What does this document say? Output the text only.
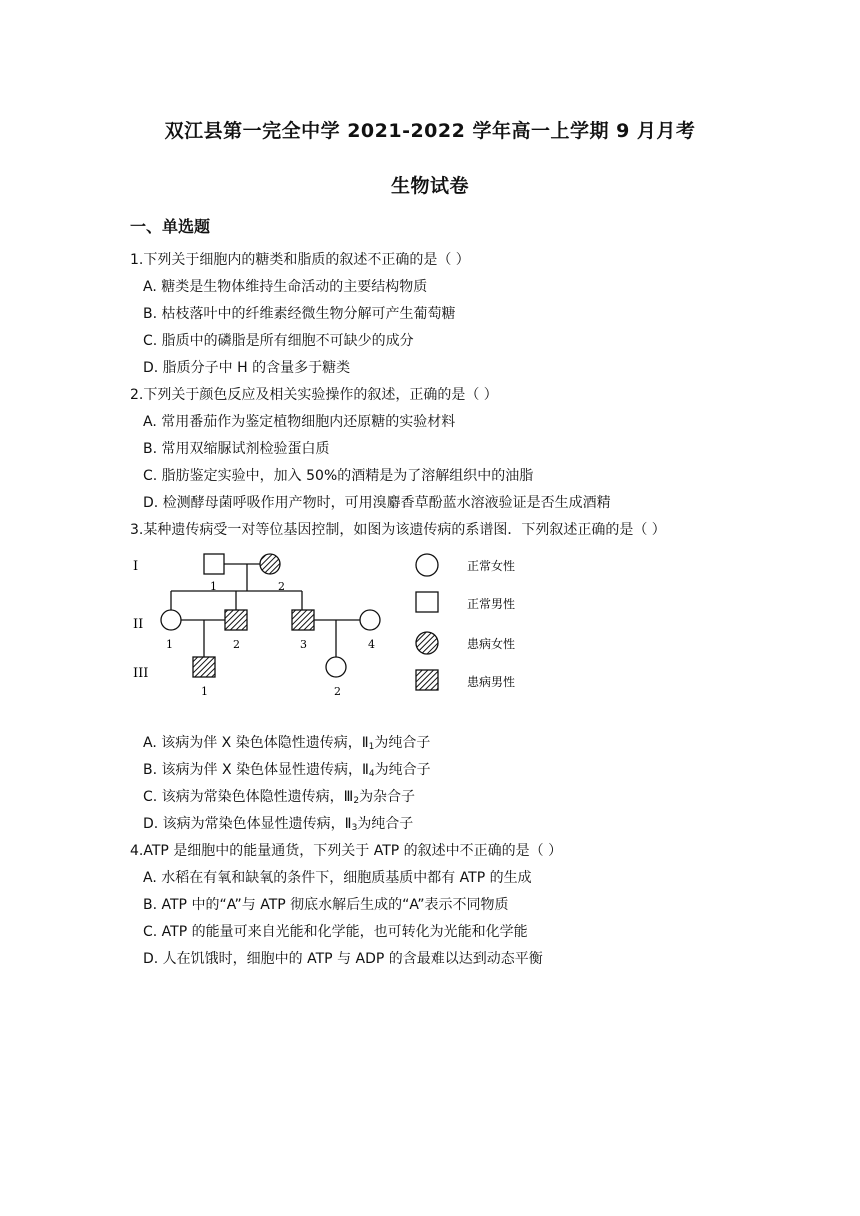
双江县第一完全中学 2021-2022 学年高一上学期 9 月月考
生物试卷
一、单选题
1.下列关于细胞内的糖类和脂质的叙述不正确的是（ ）
A. 糖类是生物体维持生命活动的主要结构物质
B. 枯枝落叶中的纤维素经微生物分解可产生葡萄糖
C. 脂质中的磷脂是所有细胞不可缺少的成分
D. 脂质分子中 H 的含量多于糖类
2.下列关于颜色反应及相关实验操作的叙述，正确的是（ ）
A. 常用番茄作为鉴定植物细胞内还原糖的实验材料
B. 常用双缩脲试剂检验蛋白质
C. 脂肪鉴定实验中，加入 50%的酒精是为了溶解组织中的油脂
D. 检测酵母菌呼吸作用产物时，可用溴麝香草酚蓝水溶液验证是否生成酒精
3.某种遗传病受一对等位基因控制，如图为该遗传病的系谱图．下列叙述正确的是（ ）
I
II
III
1	2
1	2	3	4
1	2
正常女性
正常男性
患病女性
患病男性
A. 该病为伴 X 染色体隐性遗传病，$Ⅱ_1$为纯合子
B. 该病为伴 X 染色体显性遗传病，$Ⅱ_4$为纯合子
C. 该病为常染色体隐性遗传病，$Ⅲ_2$为杂合子
D. 该病为常染色体显性遗传病，$Ⅱ_3$为纯合子
4.ATP 是细胞中的能量通货，下列关于 ATP 的叙述中不正确的是（ ）
A. 水稻在有氧和缺氧的条件下，细胞质基质中都有 ATP 的生成
B. ATP 中的“A”与 ATP 彻底水解后生成的“A”表示不同物质
C. ATP 的能量可来自光能和化学能，也可转化为光能和化学能
D. 人在饥饿时，细胞中的 ATP 与 ADP 的含最难以达到动态平衡
